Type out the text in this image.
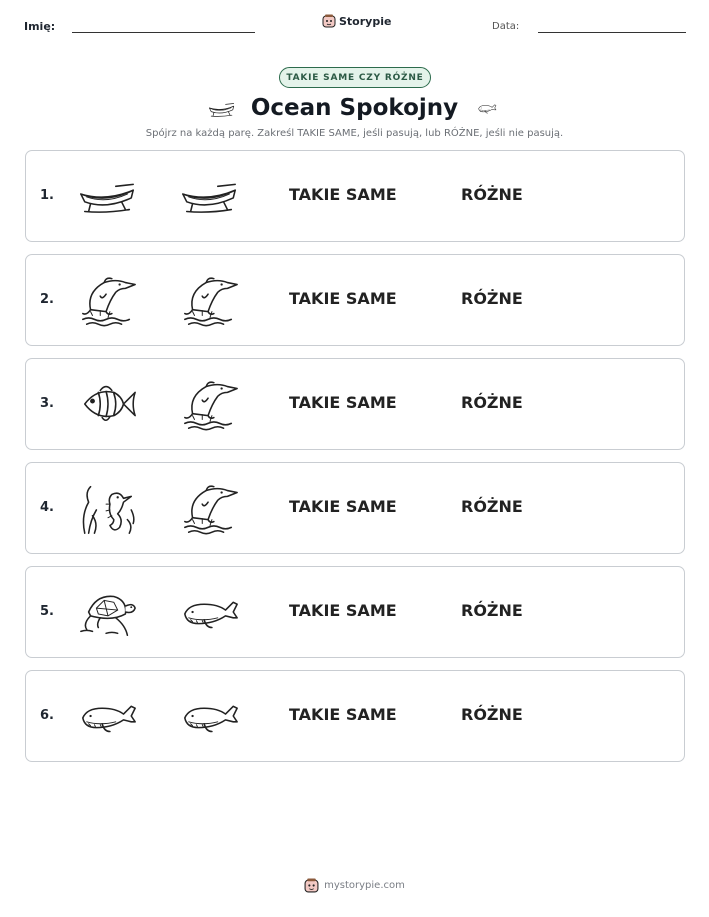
Imię:	Storypie	Data:
TAKIE SAME CZY RÓŻNE
Ocean Spokojny
Spójrz na każdą parę. Zakreśl TAKIE SAME, jeśli pasują, lub RÓŻNE, jeśli nie pasują.
1.	TAKIE SAME	RÓŻNE
2.	TAKIE SAME	RÓŻNE
3.	TAKIE SAME	RÓŻNE
4.	TAKIE SAME	RÓŻNE
5.	TAKIE SAME	RÓŻNE
6.	TAKIE SAME	RÓŻNE
mystorypie.com
